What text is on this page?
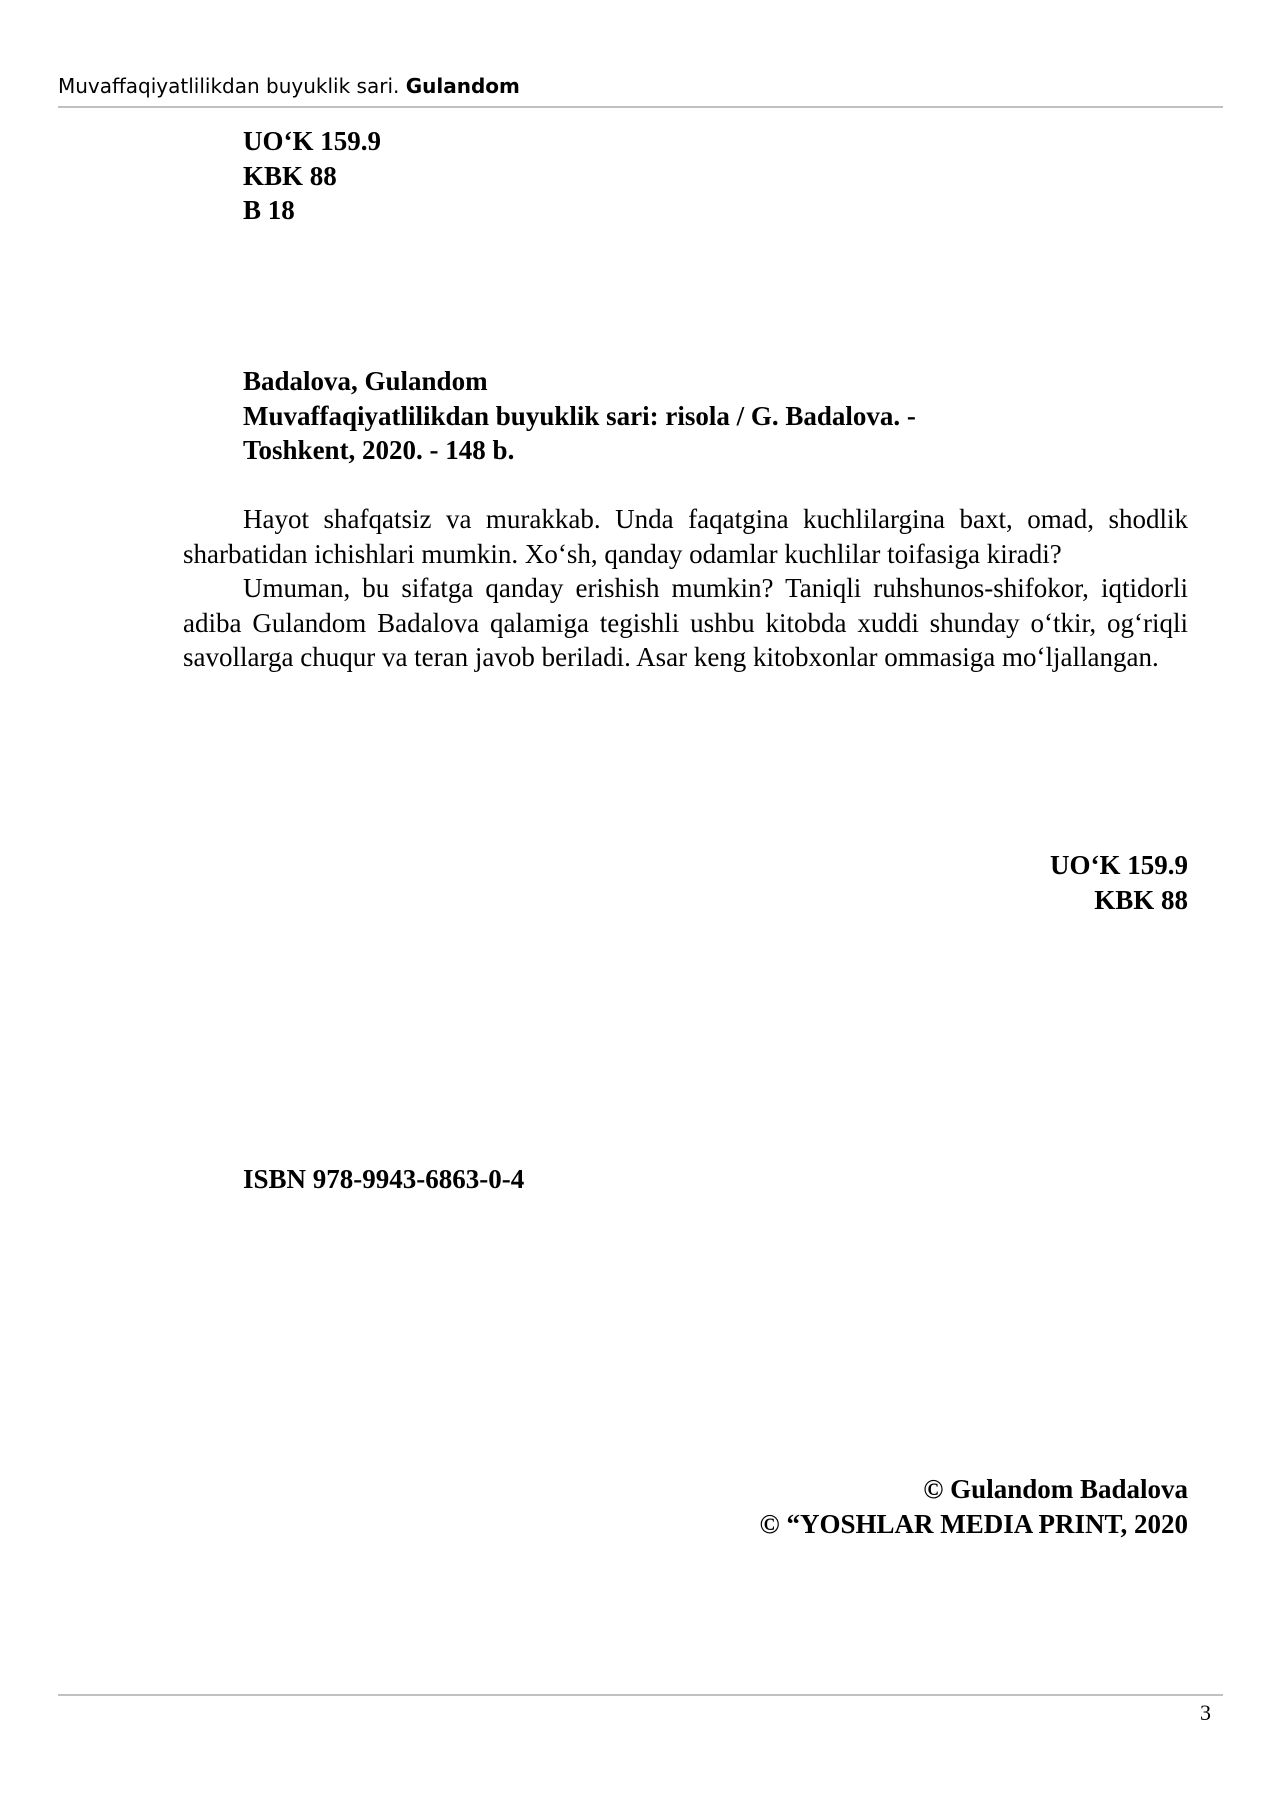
Muvaffaqiyatlilikdan buyuklik sari. Gulandom
UO‘K 159.9
KBK 88
B 18
Badalova, Gulandom
Muvaffaqiyatlilikdan buyuklik sari: risola / G. Badalova. -
Toshkent, 2020. - 148 b.

Hayot shafqatsiz va murakkab. Unda faqatgina kuchlilargina baxt, omad, shodlik sharbatidan ichishlari mumkin. Xo‘sh, qanday odamlar kuchlilar toifasiga kiradi?

Umuman, bu sifatga qanday erishish mumkin? Taniqli ruhshunos-shifokor, iqtidorli adiba Gulandom Badalova qalamiga tegishli ushbu kitobda xuddi shunday o‘tkir, og‘riqli savollarga chuqur va teran javob beriladi. Asar keng kitobxonlar ommasiga mo‘ljallangan.

UO‘K 159.9
KBK 88
ISBN 978-9943-6863-0-4
© Gulandom Badalova
© “YOSHLAR MEDIA PRINT, 2020
3
